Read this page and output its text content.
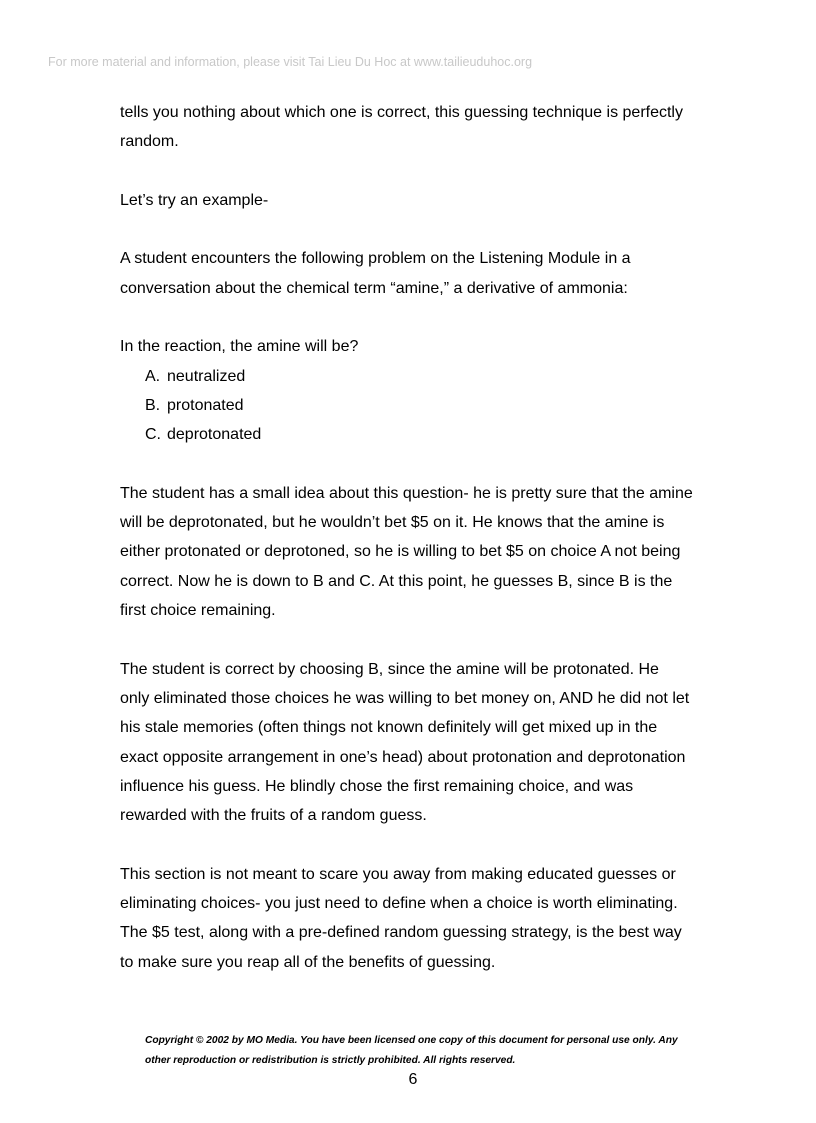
For more material and information, please visit Tai Lieu Du Hoc at www.tailieuduhoc.org

tells you nothing about which one is correct, this guessing technique is perfectly

random.

Let’s try an example-

A student encounters the following problem on the Listening Module in a

conversation about the chemical term “amine,” a derivative of ammonia:

In the reaction, the amine will be?

A. neutralized
B. protonated
C. deprotonated

The student has a small idea about this question- he is pretty sure that the amine

will be deprotonated, but he wouldn’t bet $5 on it. He knows that the amine is

either protonated or deprotoned, so he is willing to bet $5 on choice A not being

correct. Now he is down to B and C. At this point, he guesses B, since B is the

first choice remaining.

The student is correct by choosing B, since the amine will be protonated. He

only eliminated those choices he was willing to bet money on, AND he did not let

his stale memories (often things not known definitely will get mixed up in the

exact opposite arrangement in one’s head) about protonation and deprotonation

influence his guess. He blindly chose the first remaining choice, and was

rewarded with the fruits of a random guess.

This section is not meant to scare you away from making educated guesses or

eliminating choices- you just need to define when a choice is worth eliminating.

The $5 test, along with a pre-defined random guessing strategy, is the best way

to make sure you reap all of the benefits of guessing.

Copyright © 2002 by MO Media. You have been licensed one copy of this document for personal use only. Any
other reproduction or redistribution is strictly prohibited. All rights reserved.
6
